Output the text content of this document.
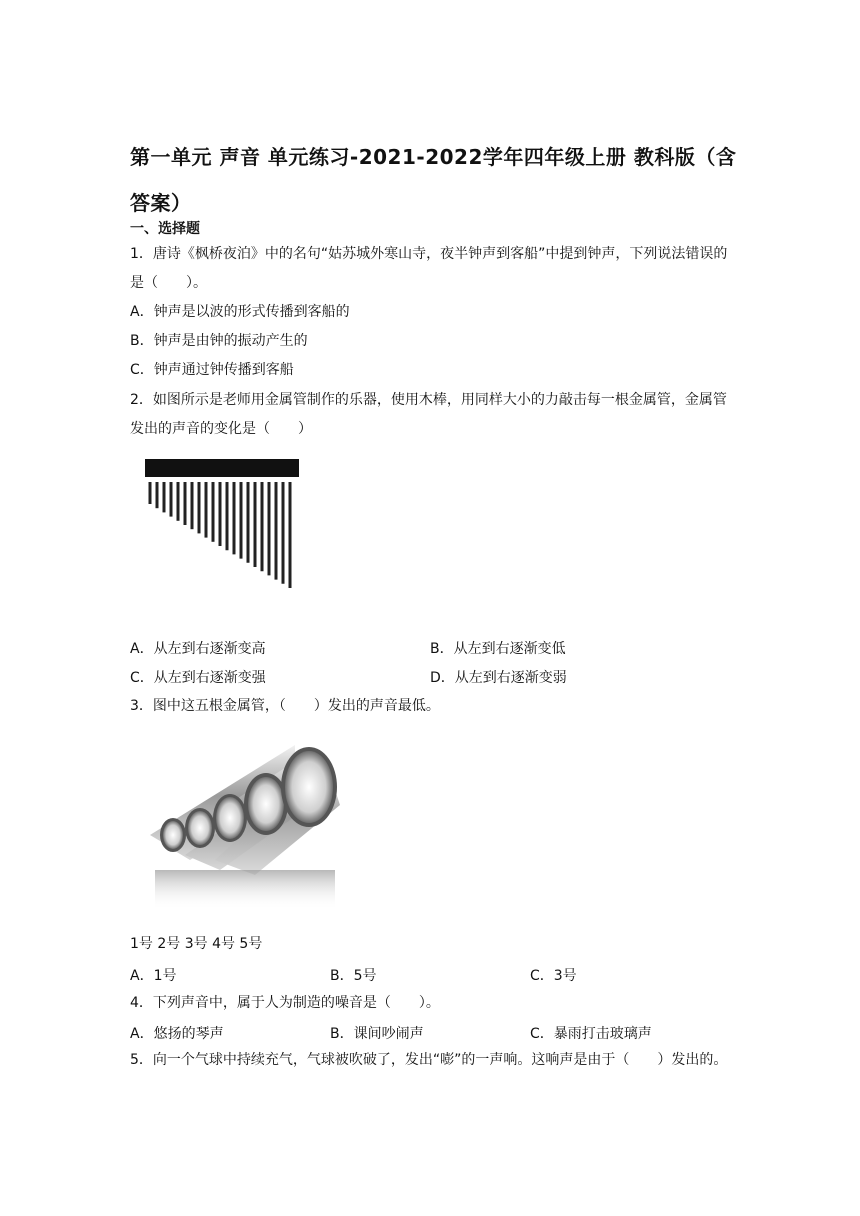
第一单元 声音 单元练习-2021-2022学年四年级上册 教科版（含答案）
一、选择题
1．唐诗《枫桥夜泊》中的名句“姑苏城外寒山寺，夜半钟声到客船”中提到钟声，下列说法错误的是（　　）。
A．钟声是以波的形式传播到客船的
B．钟声是由钟的振动产生的
C．钟声通过钟传播到客船
2．如图所示是老师用金属管制作的乐器，使用木棒，用同样大小的力敲击每一根金属管，金属管发出的声音的变化是（　　）
A．从左到右逐渐变高	B．从左到右逐渐变低
C．从左到右逐渐变强	D．从左到右逐渐变弱
3．图中这五根金属管，（　　）发出的声音最低。
1号 2号 3号 4号 5号
A．1号	B．5号	C．3号
4．下列声音中，属于人为制造的噪音是（　　）。
A．悠扬的琴声	B．课间吵闹声	C．暴雨打击玻璃声
5．向一个气球中持续充气，气球被吹破了，发出“嘭”的一声响。这响声是由于（　　）发出的。
